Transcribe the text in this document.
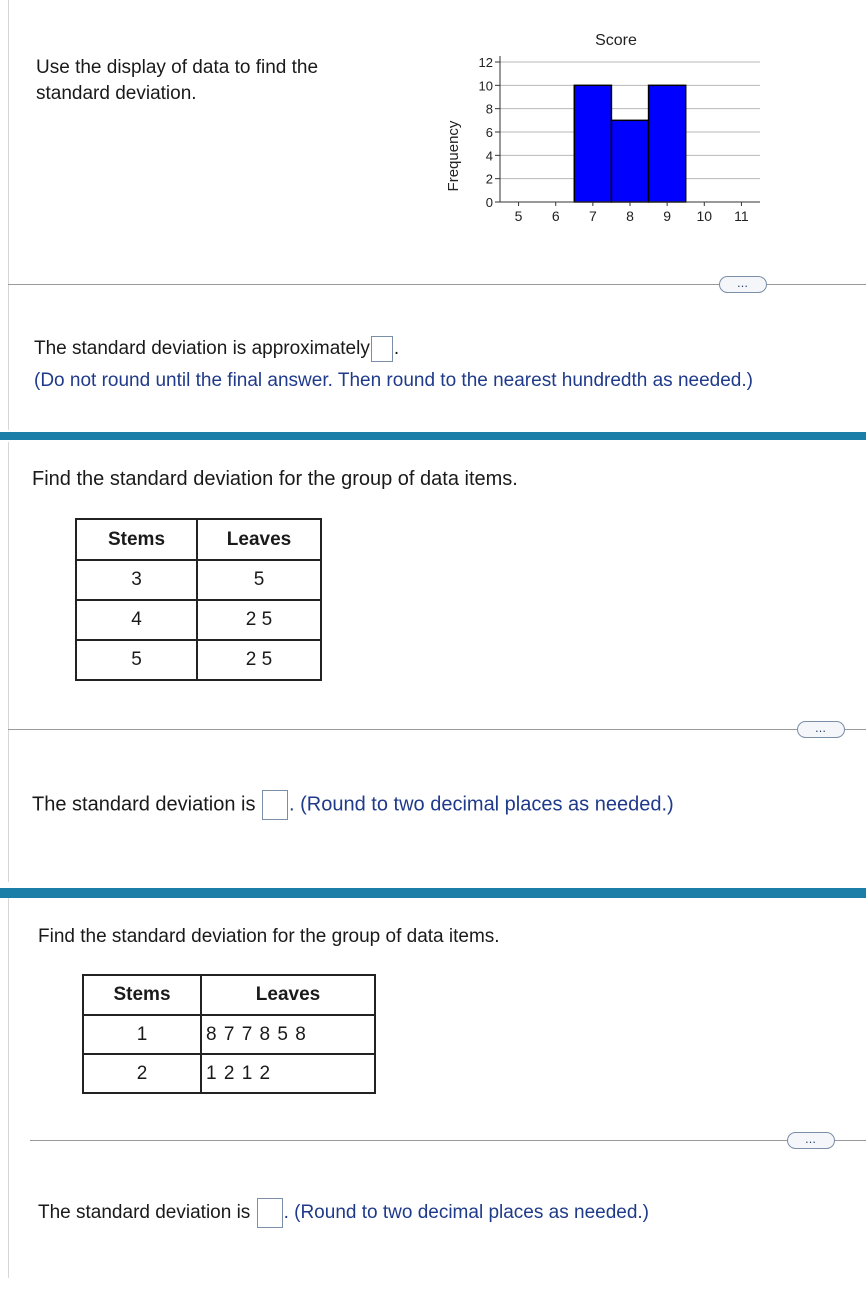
Use the display of data to find the standard deviation.
Score
Frequency
0
2
4
6
8
10
12
5 6 7 8 9 10 11
…
The standard deviation is approximately .
(Do not round until the final answer. Then round to the nearest hundredth as needed.)
Find the standard deviation for the group of data items.
Stems	Leaves
3	5
4	2 5
5	2 5
…
The standard deviation is . (Round to two decimal places as needed.)
Find the standard deviation for the group of data items.
Stems	Leaves
1	8 7 7 8 5 8
2	1 2 1 2
…
The standard deviation is . (Round to two decimal places as needed.)
